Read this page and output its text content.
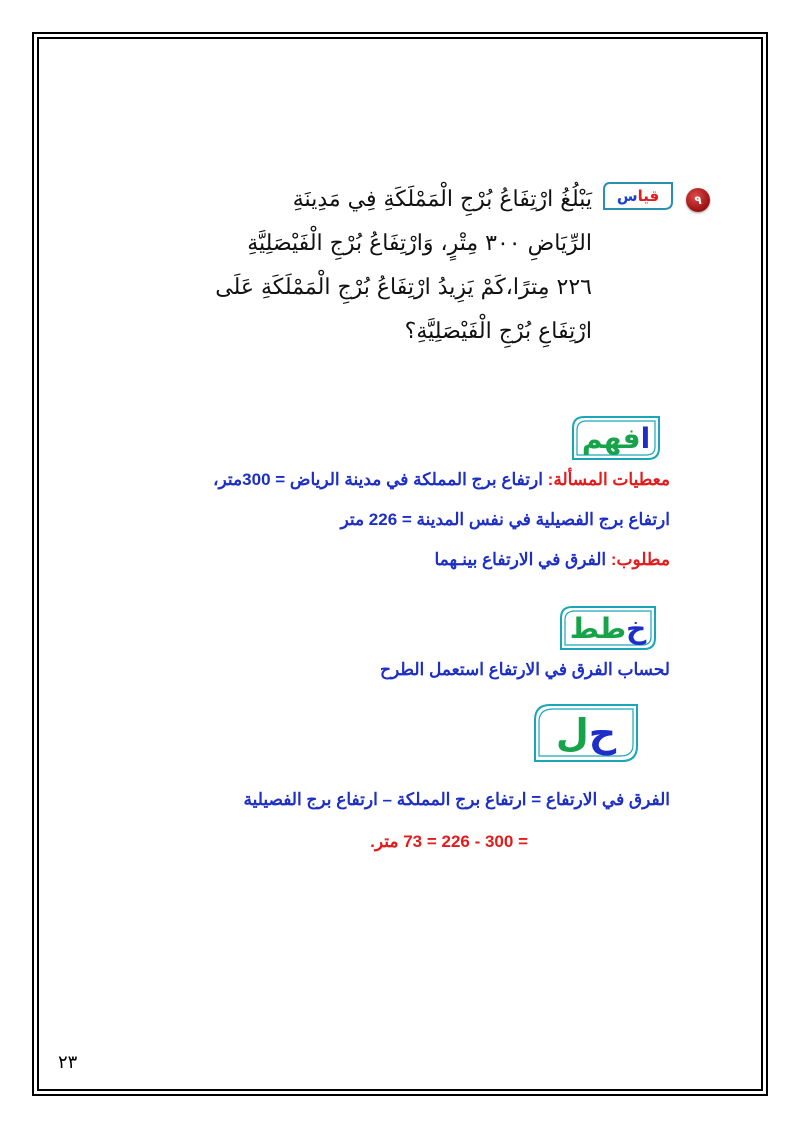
٩
قيا
س
يَبْلُغُ ارْتِفَاعُ بُرْجِ الْمَمْلَكَةِ فِي مَدِينَةِ
الرِّيَاضِ ٣٠٠ مِتْرٍ، وَارْتِفَاعُ بُرْجِ الْفَيْصَلِيَّةِ
٢٢٦ مِترًا،كَمْ يَزِيدُ ارْتِفَاعُ بُرْجِ الْمَمْلَكَةِ عَلَى
ارْتِفَاعِ بُرْجِ الْفَيْصَلِيَّةِ؟
ا
فهم
معطيات المسألة: ارتفاع برج المملكة في مدينة الرياض = 300متر،
ارتفاع برج الفصيلية في نفس المدينة = 226 متر
مطلوب: الفرق في الارتفاع بينـهما
خ
طط
لحساب الفرق في الارتفاع استعمل الطرح
ح
ل
الفرق في الارتفاع = ارتفاع برج المملكة – ارتفاع برج الفصيلية
= 300 - 226 = 73 متر.
٢٣
